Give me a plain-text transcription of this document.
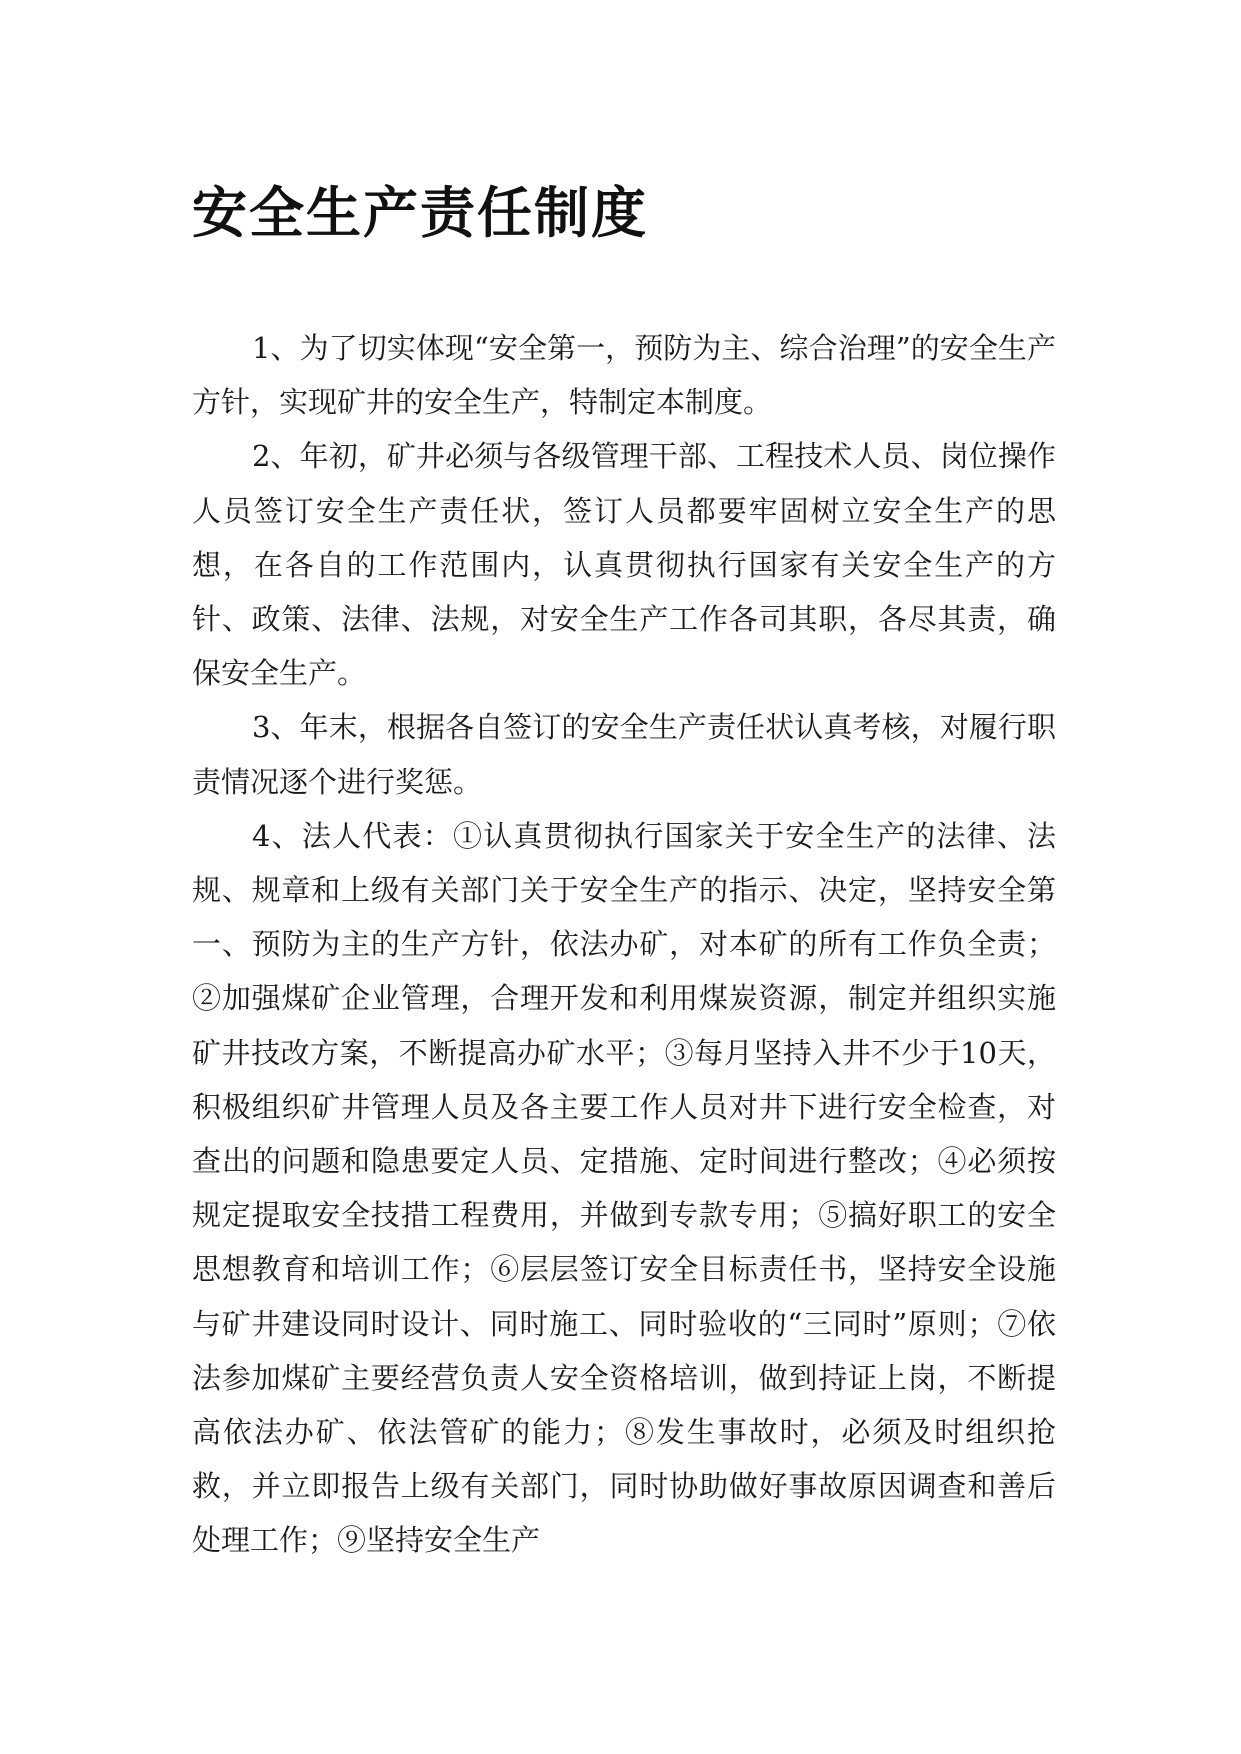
安全生产责任制度

1、为了切实体现“安全第一，预防为主、综合治理”的安全生产方针，实现矿井的安全生产，特制定本制度。

2、年初，矿井必须与各级管理干部、工程技术人员、岗位操作人员签订安全生产责任状，签订人员都要牢固树立安全生产的思想，在各自的工作范围内，认真贯彻执行国家有关安全生产的方针、政策、法律、法规，对安全生产工作各司其职，各尽其责，确保安全生产。

3、年末，根据各自签订的安全生产责任状认真考核，对履行职责情况逐个进行奖惩。

4、法人代表：①认真贯彻执行国家关于安全生产的法律、法规、规章和上级有关部门关于安全生产的指示、决定，坚持安全第一、预防为主的生产方针，依法办矿，对本矿的所有工作负全责；②加强煤矿企业管理，合理开发和利用煤炭资源，制定并组织实施矿井技改方案，不断提高办矿水平；③每月坚持入井不少于10天，积极组织矿井管理人员及各主要工作人员对井下进行安全检查，对查出的问题和隐患要定人员、定措施、定时间进行整改；④必须按规定提取安全技措工程费用，并做到专款专用；⑤搞好职工的安全思想教育和培训工作；⑥层层签订安全目标责任书，坚持安全设施与矿井建设同时设计、同时施工、同时验收的“三同时”原则；⑦依法参加煤矿主要经营负责人安全资格培训，做到持证上岗，不断提高依法办矿、依法管矿的能力；⑧发生事故时，必须及时组织抢救，并立即报告上级有关部门，同时协助做好事故原因调查和善后处理工作；⑨坚持安全生产
